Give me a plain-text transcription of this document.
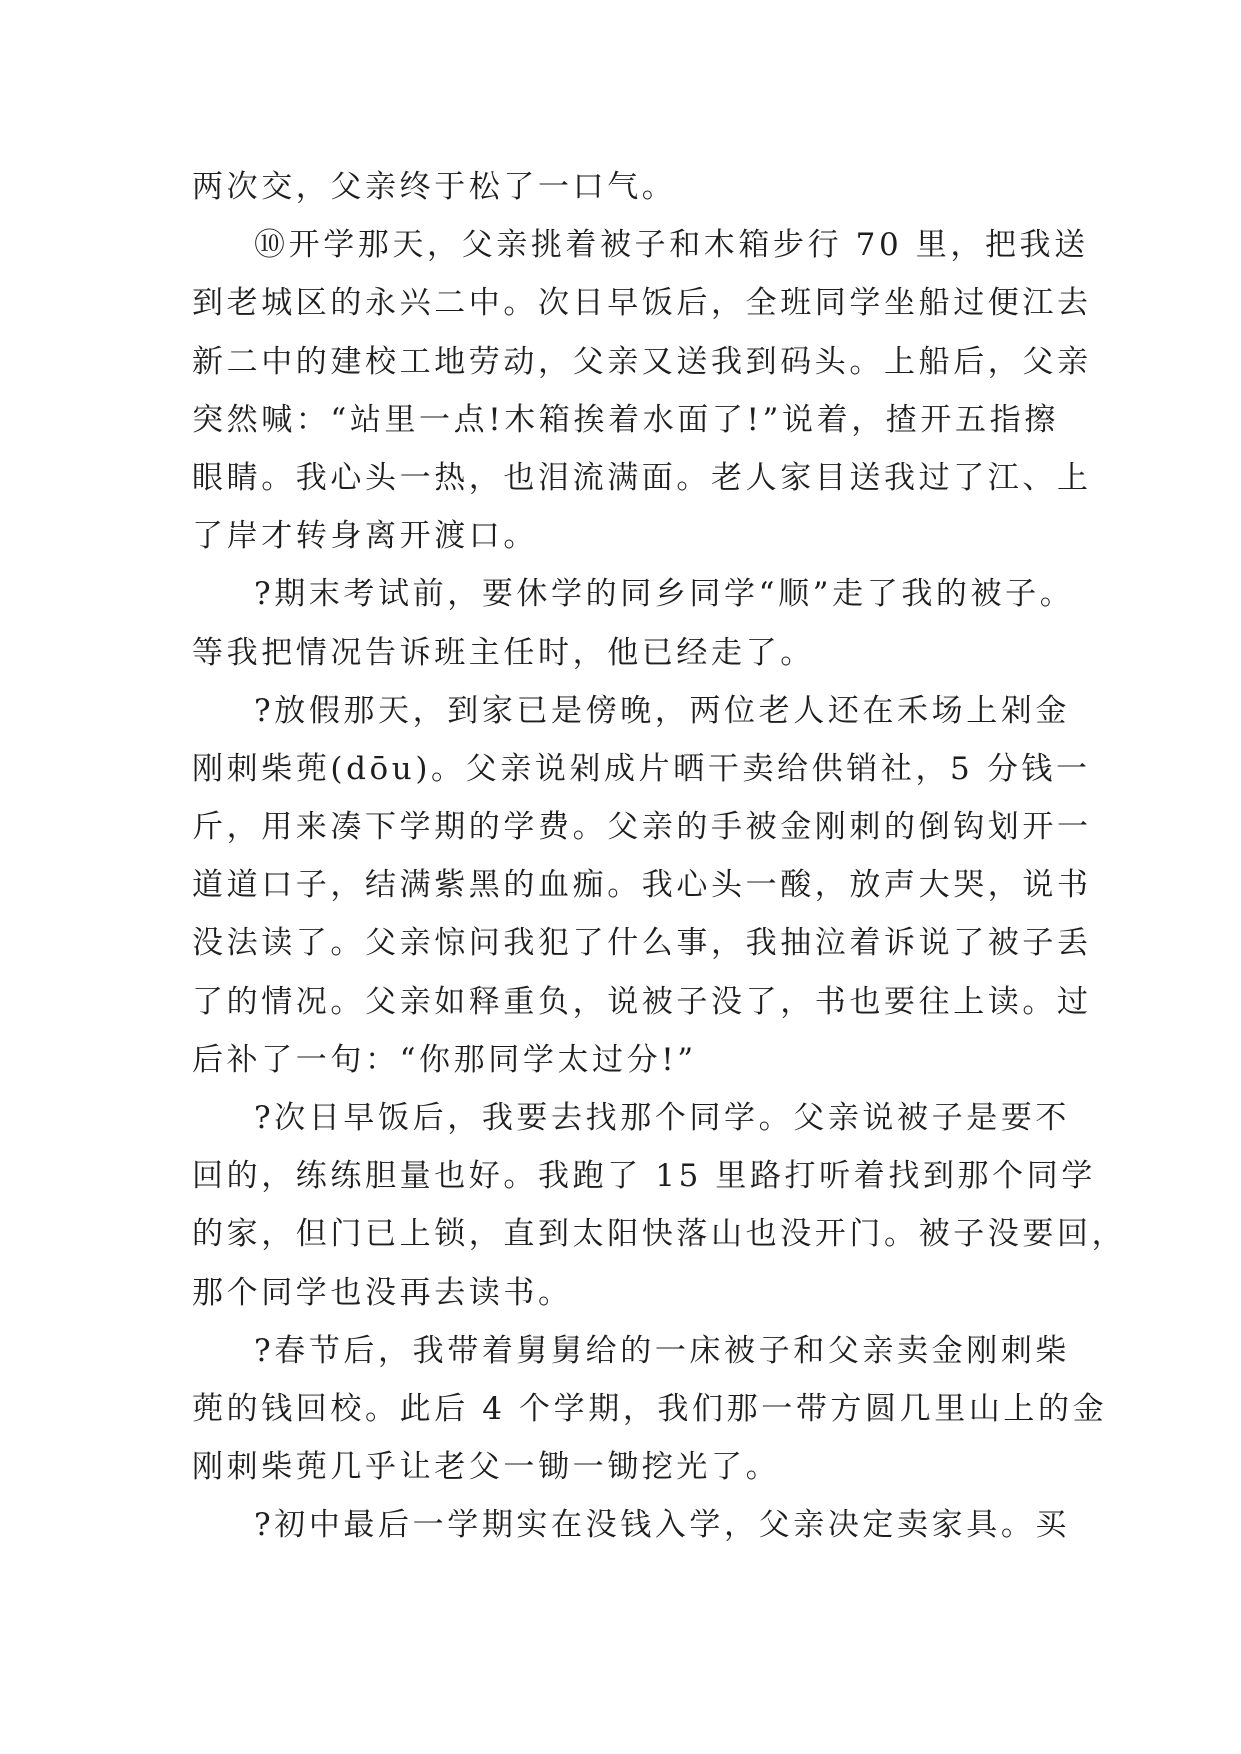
两次交，父亲终于松了一口气。
⑩开学那天，父亲挑着被子和木箱步行 70 里，把我送
到老城区的永兴二中。次日早饭后，全班同学坐船过便江去
新二中的建校工地劳动，父亲又送我到码头。上船后，父亲
突然喊：“站里一点!木箱挨着水面了!”说着，揸开五指擦
眼睛。我心头一热，也泪流满面。老人家目送我过了江、上
了岸才转身离开渡口。
?期末考试前，要休学的同乡同学“顺”走了我的被子。
等我把情况告诉班主任时，他已经走了。
?放假那天，到家已是傍晚，两位老人还在禾场上剁金
刚刺柴蔸(dōu)。父亲说剁成片晒干卖给供销社，5 分钱一
斤，用来凑下学期的学费。父亲的手被金刚刺的倒钩划开一
道道口子，结满紫黑的血痂。我心头一酸，放声大哭，说书
没法读了。父亲惊问我犯了什么事，我抽泣着诉说了被子丢
了的情况。父亲如释重负，说被子没了，书也要往上读。过
后补了一句：“你那同学太过分!”
?次日早饭后，我要去找那个同学。父亲说被子是要不
回的，练练胆量也好。我跑了 15 里路打听着找到那个同学
的家，但门已上锁，直到太阳快落山也没开门。被子没要回，
那个同学也没再去读书。
?春节后，我带着舅舅给的一床被子和父亲卖金刚刺柴
蔸的钱回校。此后 4 个学期，我们那一带方圆几里山上的金
刚刺柴蔸几乎让老父一锄一锄挖光了。
?初中最后一学期实在没钱入学，父亲决定卖家具。买
